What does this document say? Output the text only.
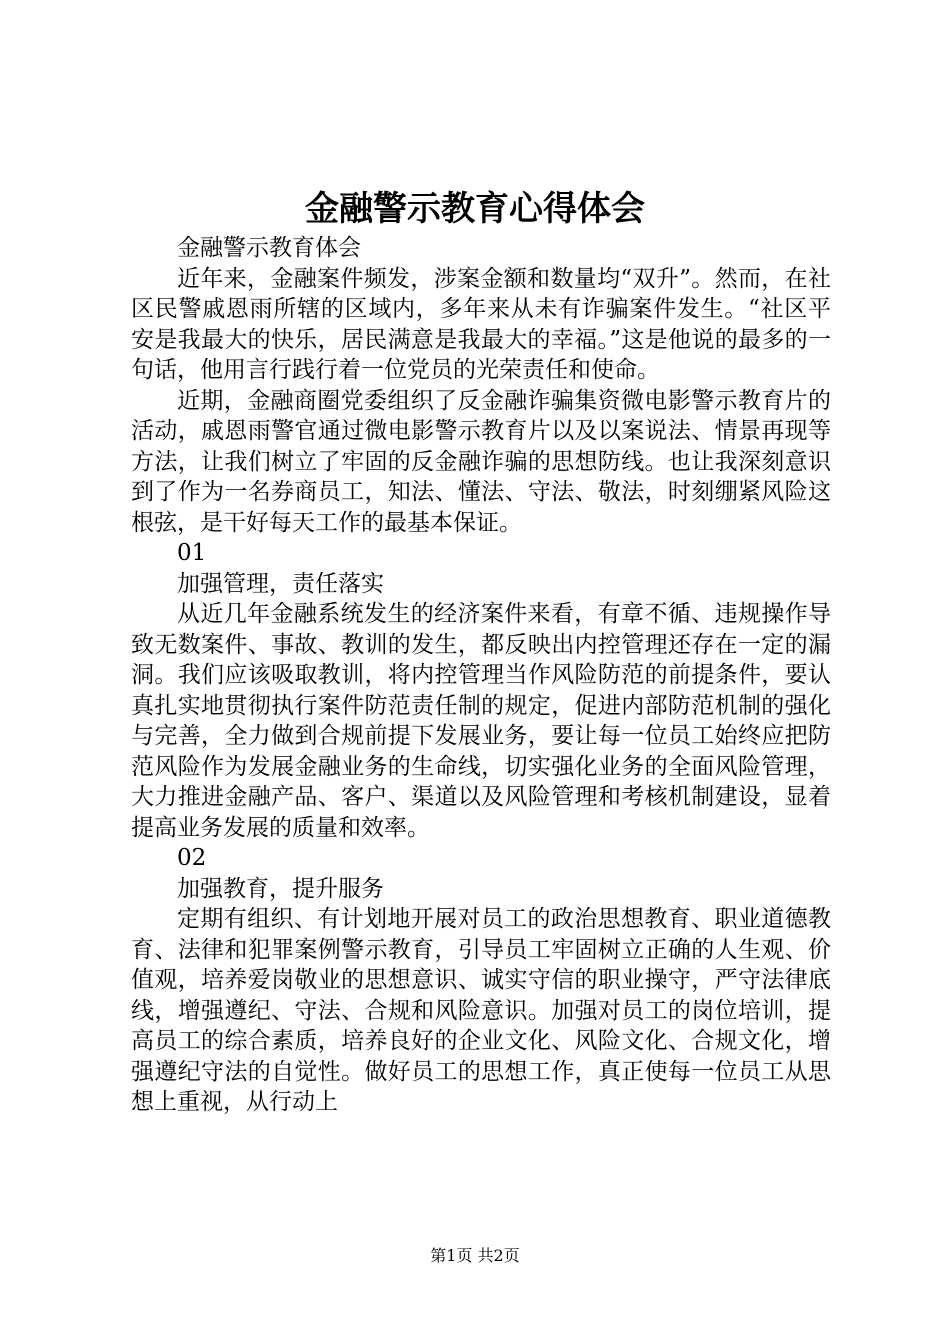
金融警示教育心得体会

金融警示教育体会

近年来，金融案件频发，涉案金额和数量均“双升”。然而，在社区民警戚恩雨所辖的区域内，多年来从未有诈骗案件发生。“社区平安是我最大的快乐，居民满意是我最大的幸福。”这是他说的最多的一句话，他用言行践行着一位党员的光荣责任和使命。

近期，金融商圈党委组织了反金融诈骗集资微电影警示教育片的活动，戚恩雨警官通过微电影警示教育片以及以案说法、情景再现等方法，让我们树立了牢固的反金融诈骗的思想防线。也让我深刻意识到了作为一名券商员工，知法、懂法、守法、敬法，时刻绷紧风险这根弦，是干好每天工作的最基本保证。

01

加强管理，责任落实

从近几年金融系统发生的经济案件来看，有章不循、违规操作导致无数案件、事故、教训的发生，都反映出内控管理还存在一定的漏洞。我们应该吸取教训，将内控管理当作风险防范的前提条件，要认真扎实地贯彻执行案件防范责任制的规定，促进内部防范机制的强化与完善，全力做到合规前提下发展业务，要让每一位员工始终应把防范风险作为发展金融业务的生命线，切实强化业务的全面风险管理，大力推进金融产品、客户、渠道以及风险管理和考核机制建设，显着提高业务发展的质量和效率。

02

加强教育，提升服务

定期有组织、有计划地开展对员工的政治思想教育、职业道德教育、法律和犯罪案例警示教育，引导员工牢固树立正确的人生观、价值观，培养爱岗敬业的思想意识、诚实守信的职业操守，严守法律底线，增强遵纪、守法、合规和风险意识。加强对员工的岗位培训，提高员工的综合素质，培养良好的企业文化、风险文化、合规文化，增强遵纪守法的自觉性。做好员工的思想工作，真正使每一位员工从思想上重视，从行动上

第1页 共2页
